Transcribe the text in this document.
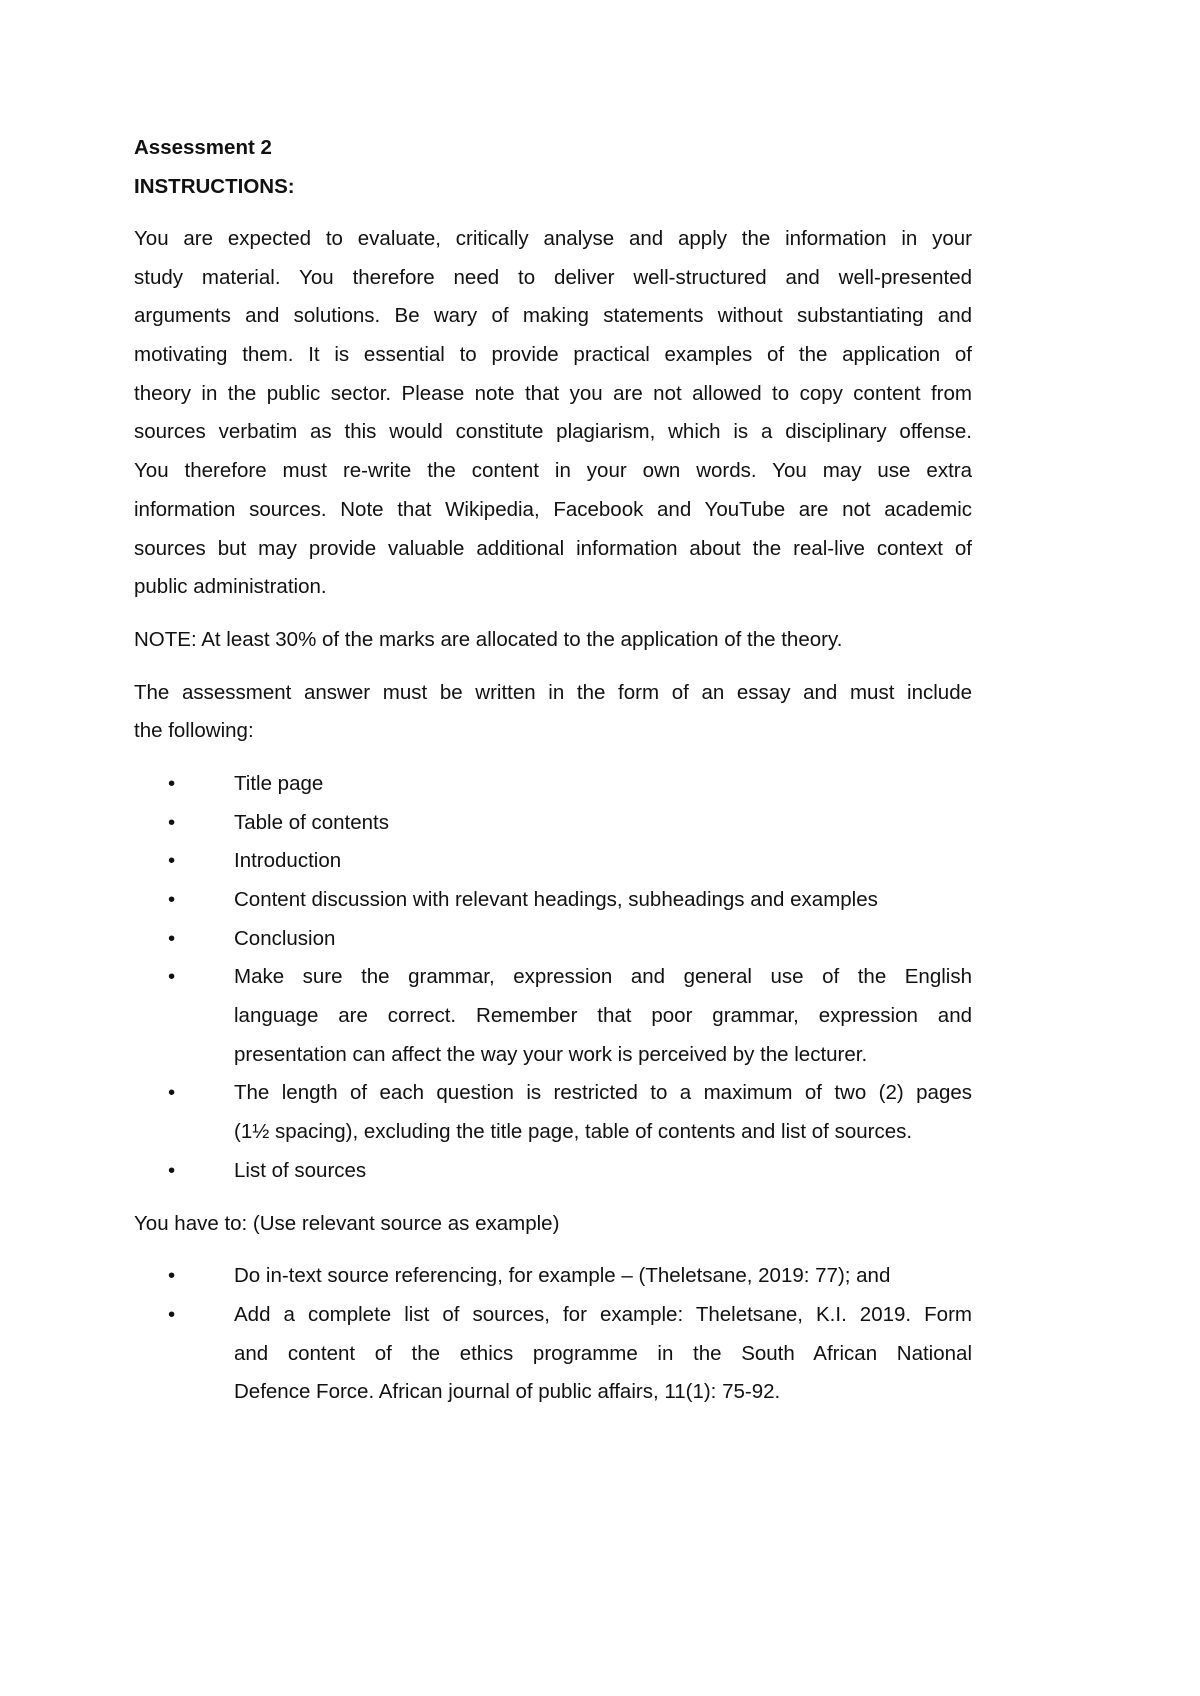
Assessment 2
INSTRUCTIONS:
You are expected to evaluate, critically analyse and apply the information in your
study material. You therefore need to deliver well-structured and well-presented
arguments and solutions. Be wary of making statements without substantiating and
motivating them. It is essential to provide practical examples of the application of
theory in the public sector. Please note that you are not allowed to copy content from
sources verbatim as this would constitute plagiarism, which is a disciplinary offense.
You therefore must re-write the content in your own words. You may use extra
information sources. Note that Wikipedia, Facebook and YouTube are not academic
sources but may provide valuable additional information about the real-live context of
public administration.
NOTE: At least 30% of the marks are allocated to the application of the theory.
The assessment answer must be written in the form of an essay and must include
the following:
•	Title page
•	Table of contents
•	Introduction
•	Content discussion with relevant headings, subheadings and examples
•	Conclusion
•	Make sure the grammar, expression and general use of the English
language are correct. Remember that poor grammar, expression and
presentation can affect the way your work is perceived by the lecturer.
•	The length of each question is restricted to a maximum of two (2) pages
(1½ spacing), excluding the title page, table of contents and list of sources.
•	List of sources
You have to: (Use relevant source as example)
•	Do in-text source referencing, for example – (Theletsane, 2019: 77); and
•	Add a complete list of sources, for example: Theletsane, K.I. 2019. Form
and content of the ethics programme in the South African National
Defence Force. African journal of public affairs, 11(1): 75-92.
